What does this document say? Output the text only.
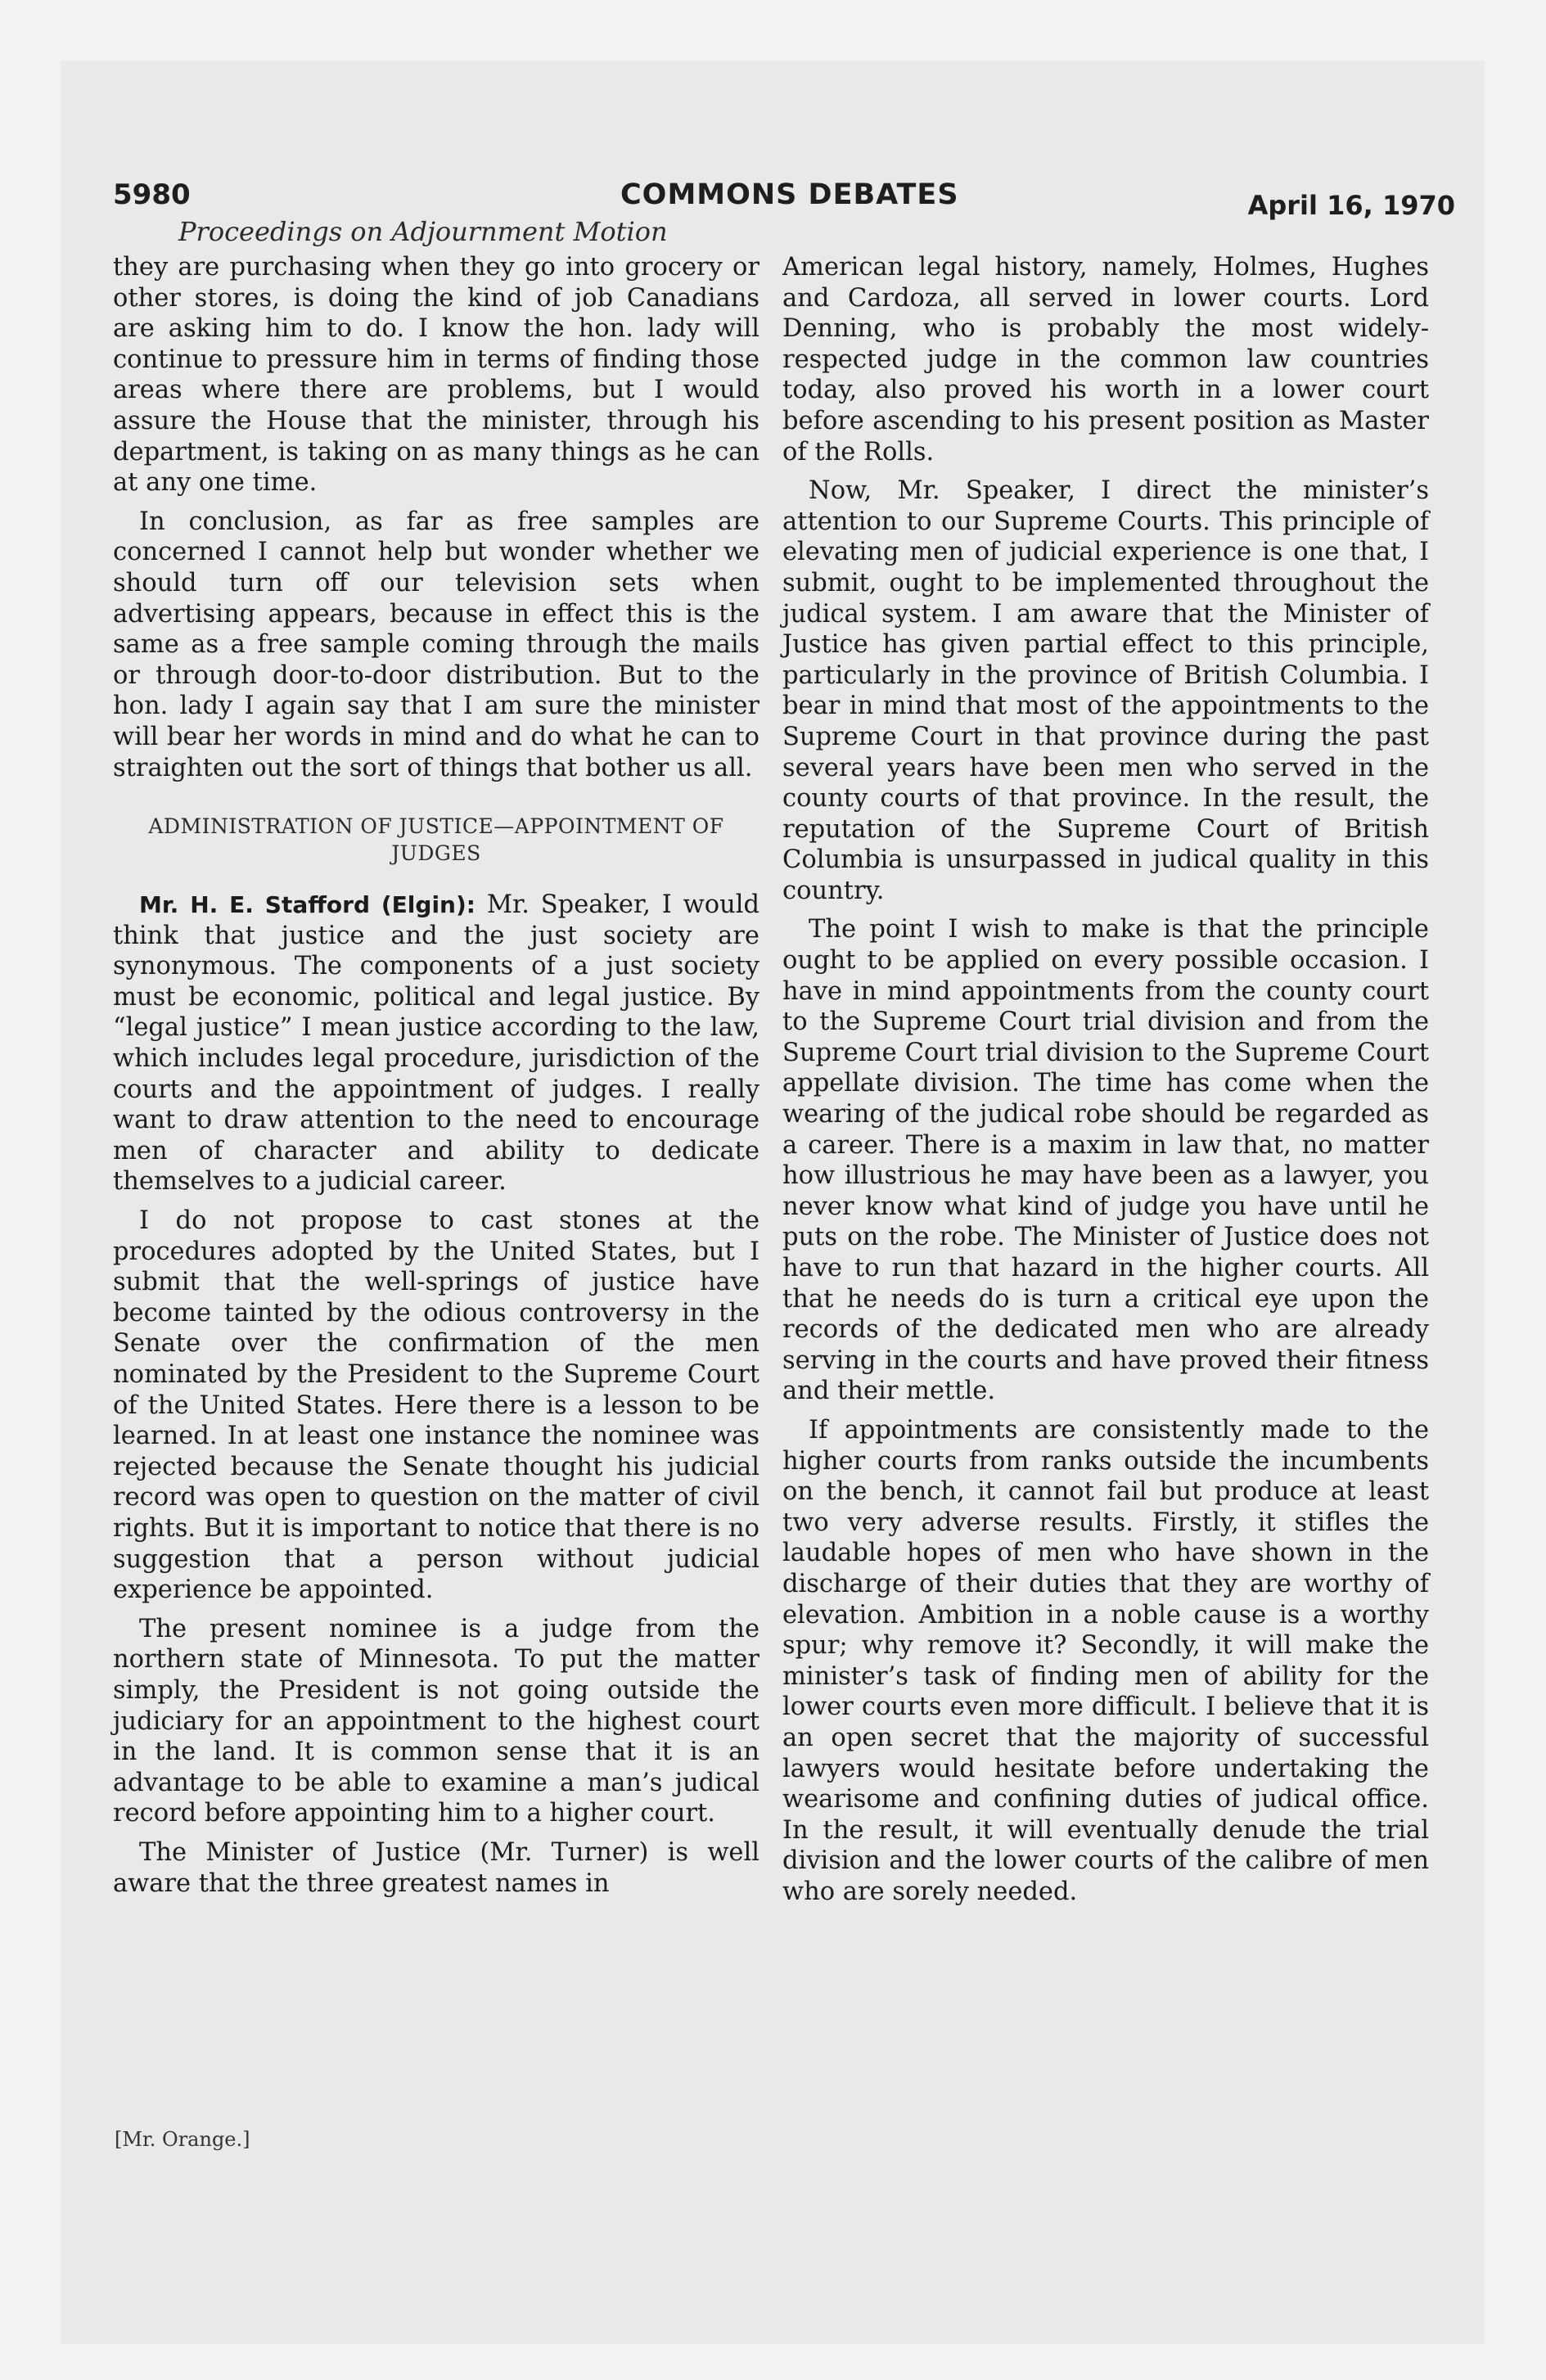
5980	COMMONS DEBATES	April 16, 1970
Proceedings on Adjournment Motion

they are purchasing when they go into grocery or other stores, is doing the kind of job Canadians are asking him to do. I know the hon. lady will continue to pressure him in terms of finding those areas where there are problems, but I would assure the House that the minister, through his department, is taking on as many things as he can at any one time.

In conclusion, as far as free samples are concerned I cannot help but wonder whether we should turn off our television sets when advertising appears, because in effect this is the same as a free sample coming through the mails or through door-to-door distribution. But to the hon. lady I again say that I am sure the minister will bear her words in mind and do what he can to straighten out the sort of things that bother us all.

ADMINISTRATION OF JUSTICE—APPOINTMENT OF JUDGES

Mr. H. E. Stafford (Elgin): Mr. Speaker, I would think that justice and the just society are synonymous. The components of a just society must be economic, political and legal justice. By “legal justice” I mean justice according to the law, which includes legal procedure, jurisdiction of the courts and the appointment of judges. I really want to draw attention to the need to encourage men of character and ability to dedicate themselves to a judicial career.

I do not propose to cast stones at the procedures adopted by the United States, but I submit that the well-springs of justice have become tainted by the odious controversy in the Senate over the confirmation of the men nominated by the President to the Supreme Court of the United States. Here there is a lesson to be learned. In at least one instance the nominee was rejected because the Senate thought his judicial record was open to question on the matter of civil rights. But it is important to notice that there is no suggestion that a person without judicial experience be appointed.

The present nominee is a judge from the northern state of Minnesota. To put the matter simply, the President is not going outside the judiciary for an appointment to the highest court in the land. It is common sense that it is an advantage to be able to examine a man’s judical record before appointing him to a higher court.

The Minister of Justice (Mr. Turner) is well aware that the three greatest names in

American legal history, namely, Holmes, Hughes and Cardoza, all served in lower courts. Lord Denning, who is probably the most widely-respected judge in the common law countries today, also proved his worth in a lower court before ascending to his present position as Master of the Rolls.

Now, Mr. Speaker, I direct the minister’s attention to our Supreme Courts. This principle of elevating men of judicial experience is one that, I submit, ought to be implemented throughout the judical system. I am aware that the Minister of Justice has given partial effect to this principle, particularly in the province of British Columbia. I bear in mind that most of the appointments to the Supreme Court in that province during the past several years have been men who served in the county courts of that province. In the result, the reputation of the Supreme Court of British Columbia is unsurpassed in judical quality in this country.

The point I wish to make is that the principle ought to be applied on every possible occasion. I have in mind appointments from the county court to the Supreme Court trial division and from the Supreme Court trial division to the Supreme Court appellate division. The time has come when the wearing of the judical robe should be regarded as a career. There is a maxim in law that, no matter how illustrious he may have been as a lawyer, you never know what kind of judge you have until he puts on the robe. The Minister of Justice does not have to run that hazard in the higher courts. All that he needs do is turn a critical eye upon the records of the dedicated men who are already serving in the courts and have proved their fitness and their mettle.

If appointments are consistently made to the higher courts from ranks outside the incumbents on the bench, it cannot fail but produce at least two very adverse results. Firstly, it stifles the laudable hopes of men who have shown in the discharge of their duties that they are worthy of elevation. Ambition in a noble cause is a worthy spur; why remove it? Secondly, it will make the minister’s task of finding men of ability for the lower courts even more difficult. I believe that it is an open secret that the majority of successful lawyers would hesitate before undertaking the wearisome and confining duties of judical office. In the result, it will eventually denude the trial division and the lower courts of the calibre of men who are sorely needed.

[Mr. Orange.]
